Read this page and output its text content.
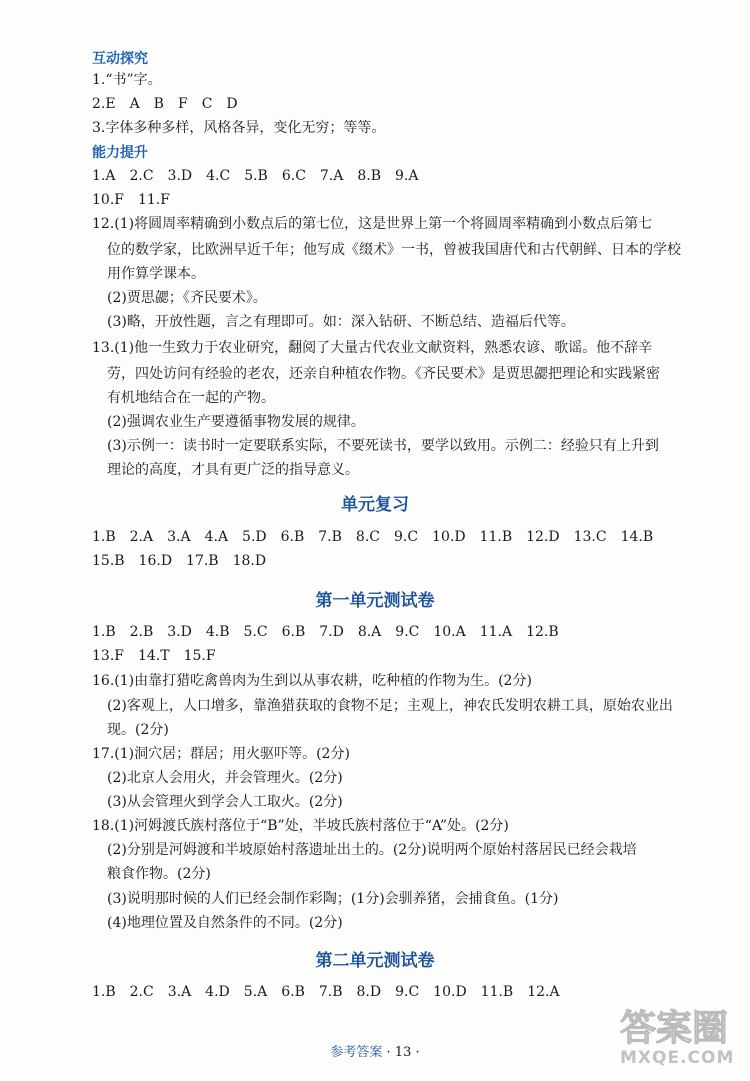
互动探究
1.“书”字。
2.E　A　B　F　C　D
3.字体多种多样，风格各异，变化无穷；等等。
能力提升
1.A　2.C　3.D　4.C　5.B　6.C　7.A　8.B　9.A
10.F　11.F
12.(1)将圆周率精确到小数点后的第七位，这是世界上第一个将圆周率精确到小数点后第七
位的数学家，比欧洲早近千年；他写成《缀术》一书，曾被我国唐代和古代朝鲜、日本的学校
用作算学课本。
(2)贾思勰；《齐民要术》。
(3)略，开放性题，言之有理即可。如：深入钻研、不断总结、造福后代等。
13.(1)他一生致力于农业研究，翻阅了大量古代农业文献资料，熟悉农谚、歌谣。他不辞辛
劳，四处访问有经验的老农，还亲自种植农作物。《齐民要术》是贾思勰把理论和实践紧密
有机地结合在一起的产物。
(2)强调农业生产要遵循事物发展的规律。
(3)示例一：读书时一定要联系实际，不要死读书，要学以致用。示例二：经验只有上升到
理论的高度，才具有更广泛的指导意义。
单元复习
1.B　2.A　3.A　4.A　5.D　6.B　7.B　8.C　9.C　10.D　11.B　12.D　13.C　14.B
15.B　16.D　17.B　18.D
第一单元测试卷
1.B　2.B　3.D　4.B　5.C　6.B　7.D　8.A　9.C　10.A　11.A　12.B
13.F　14.T　15.F
16.(1)由靠打猎吃禽兽肉为生到以从事农耕，吃种植的作物为生。(2分)
(2)客观上，人口增多，靠渔猎获取的食物不足；主观上，神农氏发明农耕工具，原始农业出
现。(2分)
17.(1)洞穴居；群居；用火驱吓等。(2分)
(2)北京人会用火，并会管理火。(2分)
(3)从会管理火到学会人工取火。(2分)
18.(1)河姆渡氏族村落位于“B”处，半坡氏族村落位于“A”处。(2分)
(2)分别是河姆渡和半坡原始村落遗址出土的。(2分)说明两个原始村落居民已经会栽培
粮食作物。(2分)
(3)说明那时候的人们已经会制作彩陶；(1分)会驯养猪，会捕食鱼。(1分)
(4)地理位置及自然条件的不同。(2分)
第二单元测试卷
1.B　2.C　3.A　4.D　5.A　6.B　7.B　8.D　9.C　10.D　11.B　12.A
参考答案 · 13 ·
答案圈
MXQE.COM
